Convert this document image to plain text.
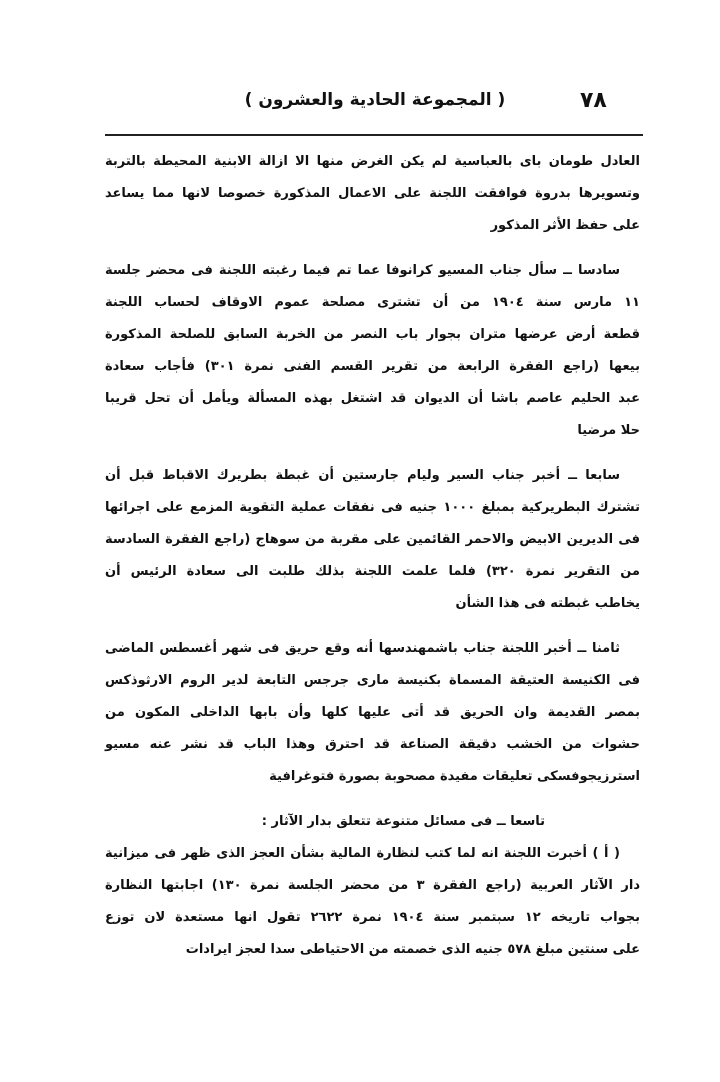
٧٨
( المجموعة الحادية والعشرون )
العادل طومان باى بالعباسية لم يكن الغرض منها الا ازالة الابنية المحيطة بالتربة
وتسويرها بدروة فوافقت اللجنة على الاعمال المذكورة خصوصا لانها مما يساعد
على حفظ الأثر المذكور
سادسا ــ سأل جناب المسيو كرانوفا عما تم فيما رغبته اللجنة فى محضر جلسة
١١ مارس سنة ١٩٠٤ من أن تشترى مصلحة عموم الاوقاف لحساب اللجنة
قطعة أرض عرضها متران بجوار باب النصر من الخربة السابق للصلحة المذكورة
بيعها (راجع الفقرة الرابعة من تقرير القسم الفنى نمرة ٣٠١) فأجاب سعادة
عبد الحليم عاصم باشا أن الديوان قد اشتغل بهذه المسألة ويأمل أن تحل قريبا
حلا مرضيا
سابعا ــ أخبر جناب السير وليام جارستين أن غبطة بطريرك الاقباط قبل أن
تشترك البطريركية بمبلغ ١٠٠٠ جنيه فى نفقات عملية التقوية المزمع على اجرائها
فى الديرين الابيض والاحمر القائمين على مقربة من سوهاج (راجع الفقرة السادسة
من التقرير نمرة ٣٢٠) فلما علمت اللجنة بذلك طلبت الى سعادة الرئيس أن
يخاطب غبطته فى هذا الشأن
ثامنا ــ أخبر اللجنة جناب باشمهندسها أنه وقع حريق فى شهر أغسطس الماضى
فى الكنيسة العتيقة المسماة بكنيسة مارى جرجس التابعة لدير الروم الارثوذكس
بمصر القديمة وان الحريق قد أتى عليها كلها وأن بابها الداخلى المكون من
حشوات من الخشب دقيقة الصناعة قد احترق وهذا الباب قد نشر عنه مسيو
استرزيجوفسكى تعليقات مفيدة مصحوبة بصورة فتوغرافية
تاسعا ــ فى مسائل متنوعة تتعلق بدار الآثار :
( أ ) أخبرت اللجنة انه لما كتب لنظارة المالية بشأن العجز الذى ظهر فى ميزانية
دار الآثار العربية (راجع الفقرة ٣ من محضر الجلسة نمرة ١٣٠) اجابتها النظارة
بجواب تاريخه ١٢ سبتمبر سنة ١٩٠٤ نمرة ٢٦٢٢ تقول انها مستعدة لان توزع
على سنتين مبلغ ٥٧٨ جنيه الذى خصمته من الاحتياطى سدا لعجز ايرادات
